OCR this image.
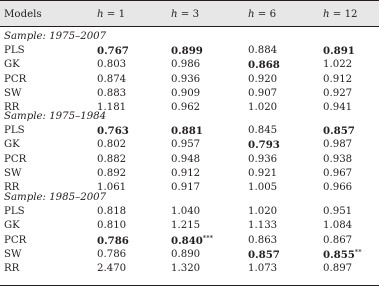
Models	h = 1	h = 3	h = 6	h = 12
Sample: 1975–2007
PLS	0.767	0.899	0.884	0.891
GK	0.803	0.986	0.868	1.022
PCR	0.874	0.936	0.920	0.912
SW	0.883	0.909	0.907	0.927
RR	1.181	0.962	1.020	0.941
Sample: 1975–1984
PLS	0.763	0.881	0.845	0.857
GK	0.802	0.957	0.793	0.987
PCR	0.882	0.948	0.936	0.938
SW	0.892	0.912	0.921	0.967
RR	1.061	0.917	1.005	0.966
Sample: 1985–2007
PLS	0.818	1.040	1.020	0.951
GK	0.810	1.215	1.133	1.084
PCR	0.786	0.840***	0.863	0.867
SW	0.786	0.890	0.857	0.855**
RR	2.470	1.320	1.073	0.897
